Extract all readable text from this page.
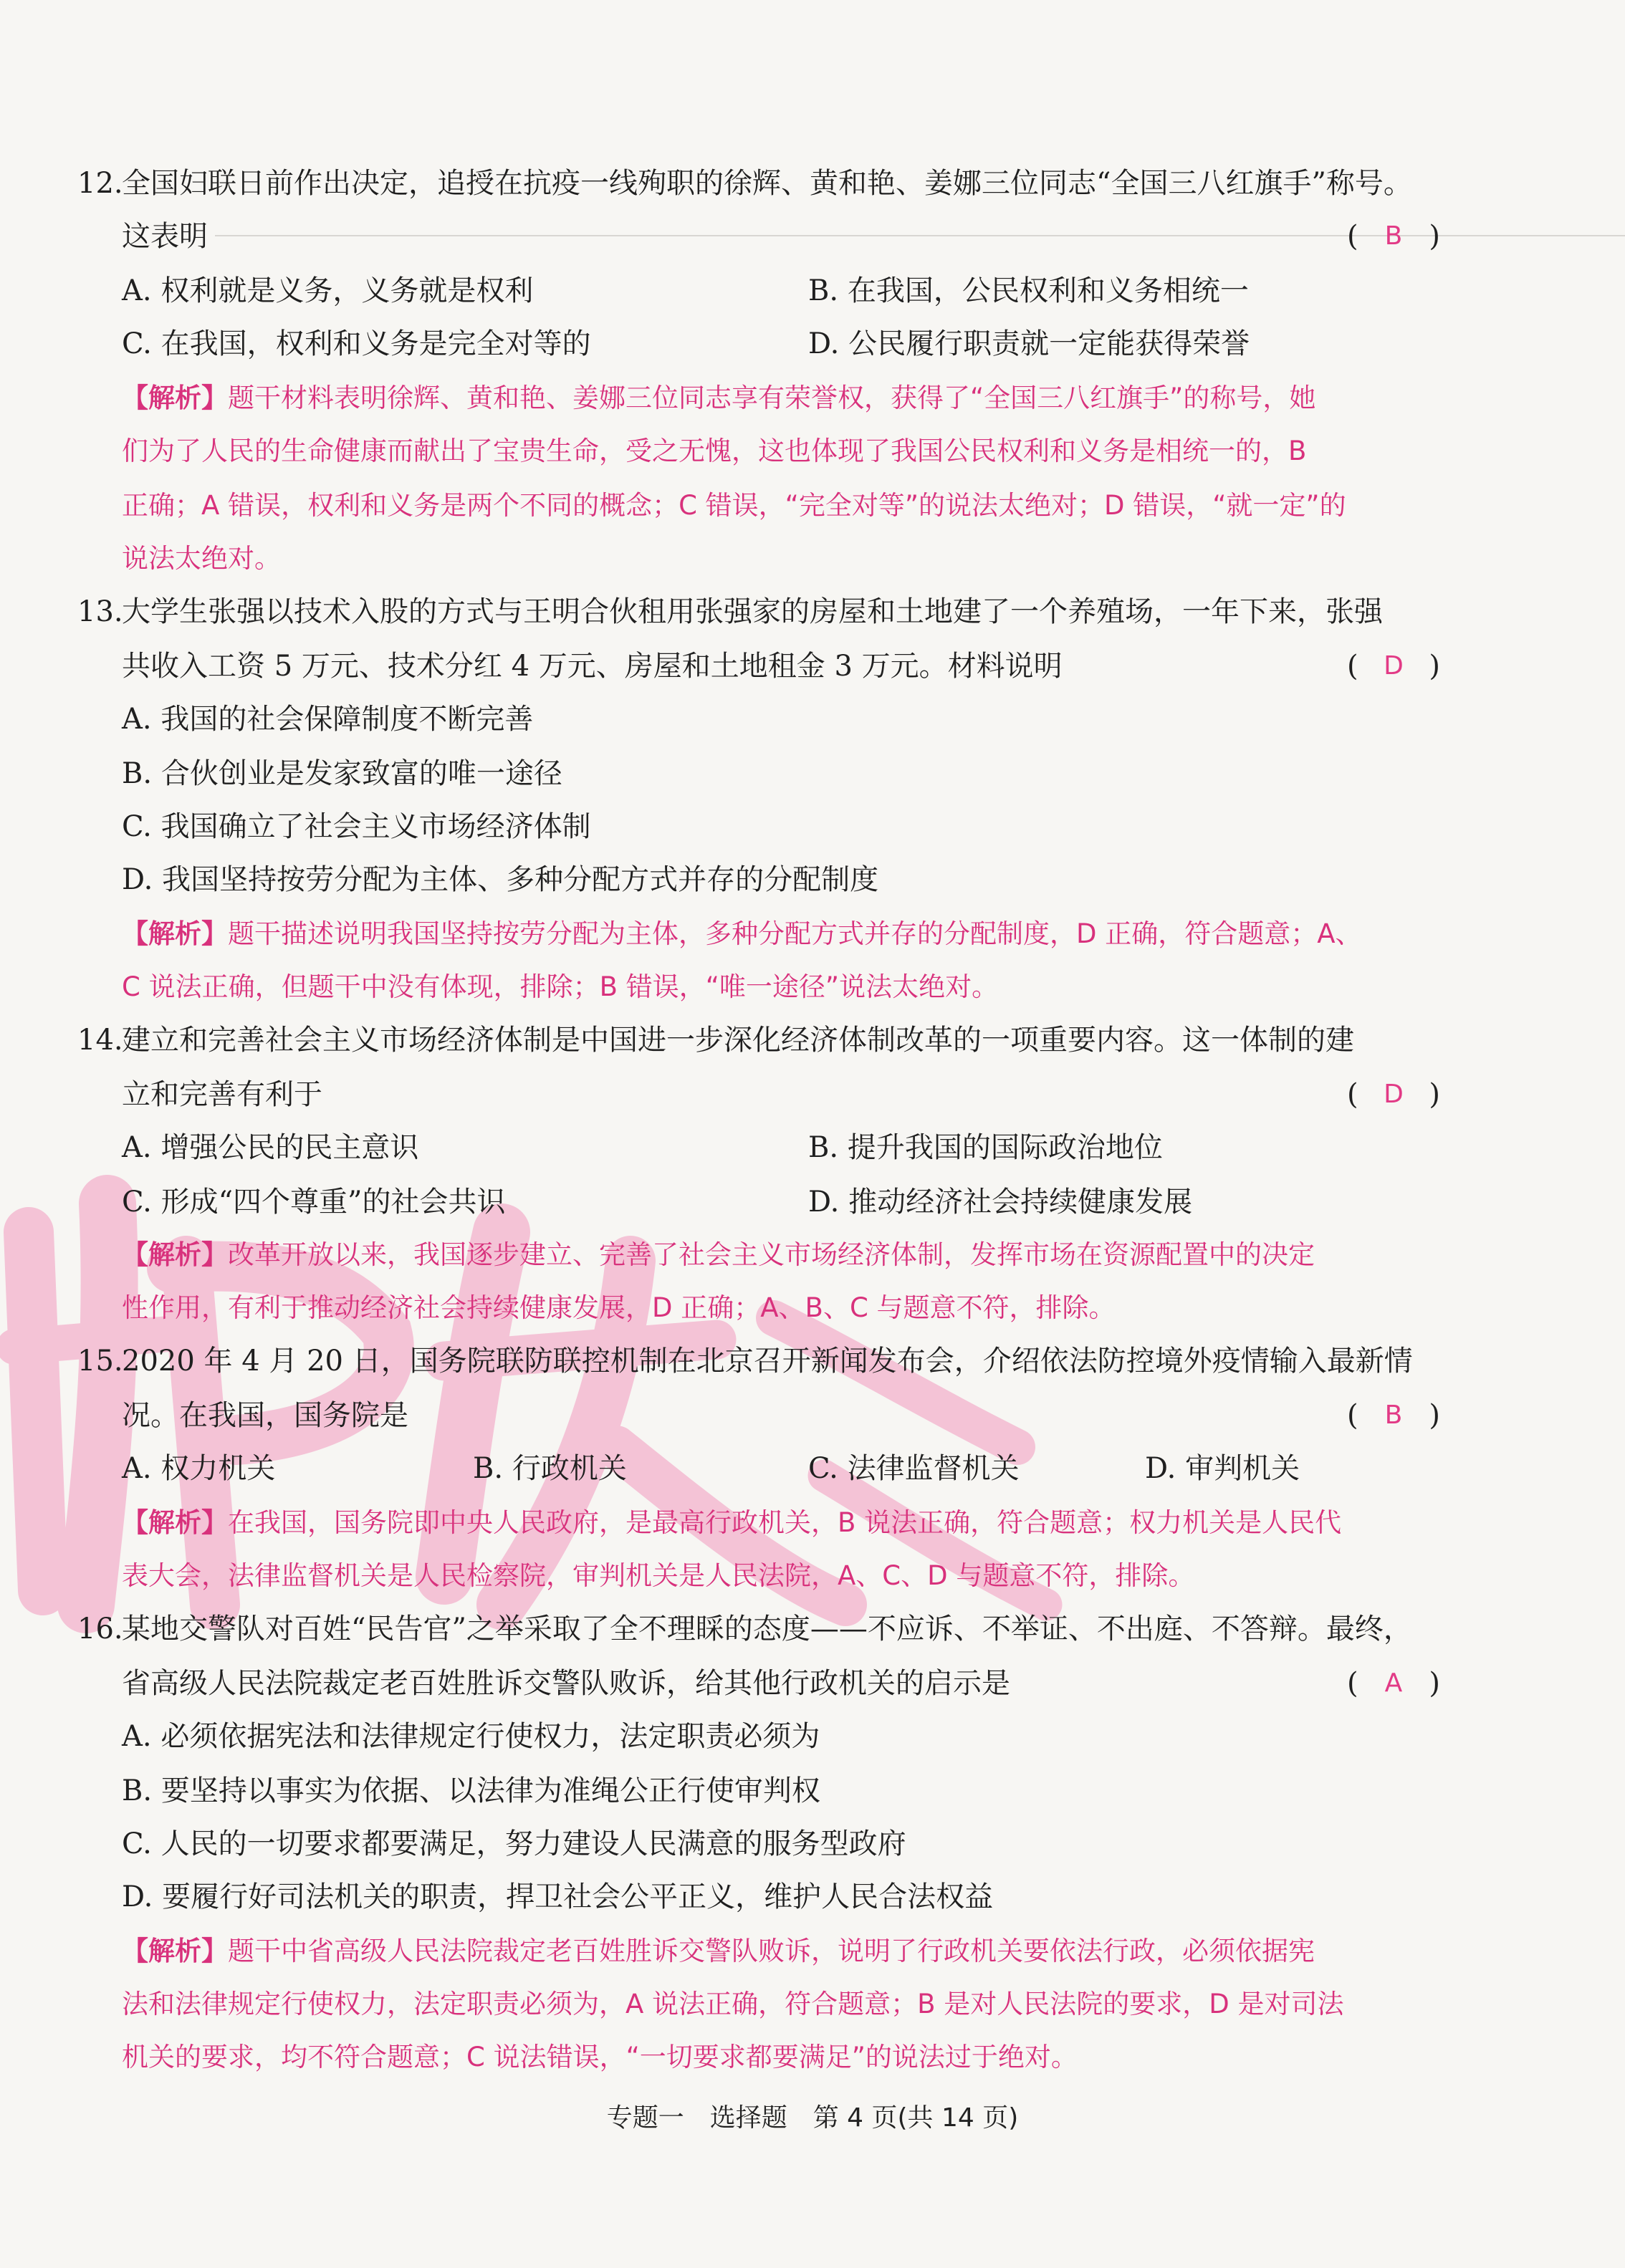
12.
全国妇联日前作出决定，追授在抗疫一线殉职的徐辉、黄和艳、姜娜三位同志“全国三八红旗手”称号。
这表明	( B )
A. 权利就是义务，义务就是权利	B. 在我国，公民权利和义务相统一
C. 在我国，权利和义务是完全对等的	D. 公民履行职责就一定能获得荣誉
【解析】题干材料表明徐辉、黄和艳、姜娜三位同志享有荣誉权，获得了“全国三八红旗手”的称号，她
们为了人民的生命健康而献出了宝贵生命，受之无愧，这也体现了我国公民权利和义务是相统一的，B
正确；A 错误，权利和义务是两个不同的概念；C 错误，“完全对等”的说法太绝对；D 错误，“就一定”的
说法太绝对。
13.
大学生张强以技术入股的方式与王明合伙租用张强家的房屋和土地建了一个养殖场，一年下来，张强
共收入工资 5 万元、技术分红 4 万元、房屋和土地租金 3 万元。材料说明	( D )
A. 我国的社会保障制度不断完善
B. 合伙创业是发家致富的唯一途径
C. 我国确立了社会主义市场经济体制
D. 我国坚持按劳分配为主体、多种分配方式并存的分配制度
【解析】题干描述说明我国坚持按劳分配为主体，多种分配方式并存的分配制度，D 正确，符合题意；A、
C 说法正确，但题干中没有体现，排除；B 错误，“唯一途径”说法太绝对。
14.
建立和完善社会主义市场经济体制是中国进一步深化经济体制改革的一项重要内容。这一体制的建
立和完善有利于	( D )
A. 增强公民的民主意识	B. 提升我国的国际政治地位
C. 形成“四个尊重”的社会共识	D. 推动经济社会持续健康发展
【解析】改革开放以来，我国逐步建立、完善了社会主义市场经济体制，发挥市场在资源配置中的决定
性作用，有利于推动经济社会持续健康发展，D 正确；A、B、C 与题意不符，排除。
15.
2020 年 4 月 20 日，国务院联防联控机制在北京召开新闻发布会，介绍依法防控境外疫情输入最新情
况。在我国，国务院是	( B )
A. 权力机关	B. 行政机关	C. 法律监督机关	D. 审判机关
【解析】在我国，国务院即中央人民政府，是最高行政机关，B 说法正确，符合题意；权力机关是人民代
表大会，法律监督机关是人民检察院，审判机关是人民法院，A、C、D 与题意不符，排除。
16.
某地交警队对百姓“民告官”之举采取了全不理睬的态度——不应诉、不举证、不出庭、不答辩。最终，
省高级人民法院裁定老百姓胜诉交警队败诉，给其他行政机关的启示是	( A )
A. 必须依据宪法和法律规定行使权力，法定职责必须为
B. 要坚持以事实为依据、以法律为准绳公正行使审判权
C. 人民的一切要求都要满足，努力建设人民满意的服务型政府
D. 要履行好司法机关的职责，捍卫社会公平正义，维护人民合法权益
【解析】题干中省高级人民法院裁定老百姓胜诉交警队败诉，说明了行政机关要依法行政，必须依据宪
法和法律规定行使权力，法定职责必须为，A 说法正确，符合题意；B 是对人民法院的要求，D 是对司法
机关的要求，均不符合题意；C 说法错误，“一切要求都要满足”的说法过于绝对。
专题一　选择题　第 4 页(共 14 页)
